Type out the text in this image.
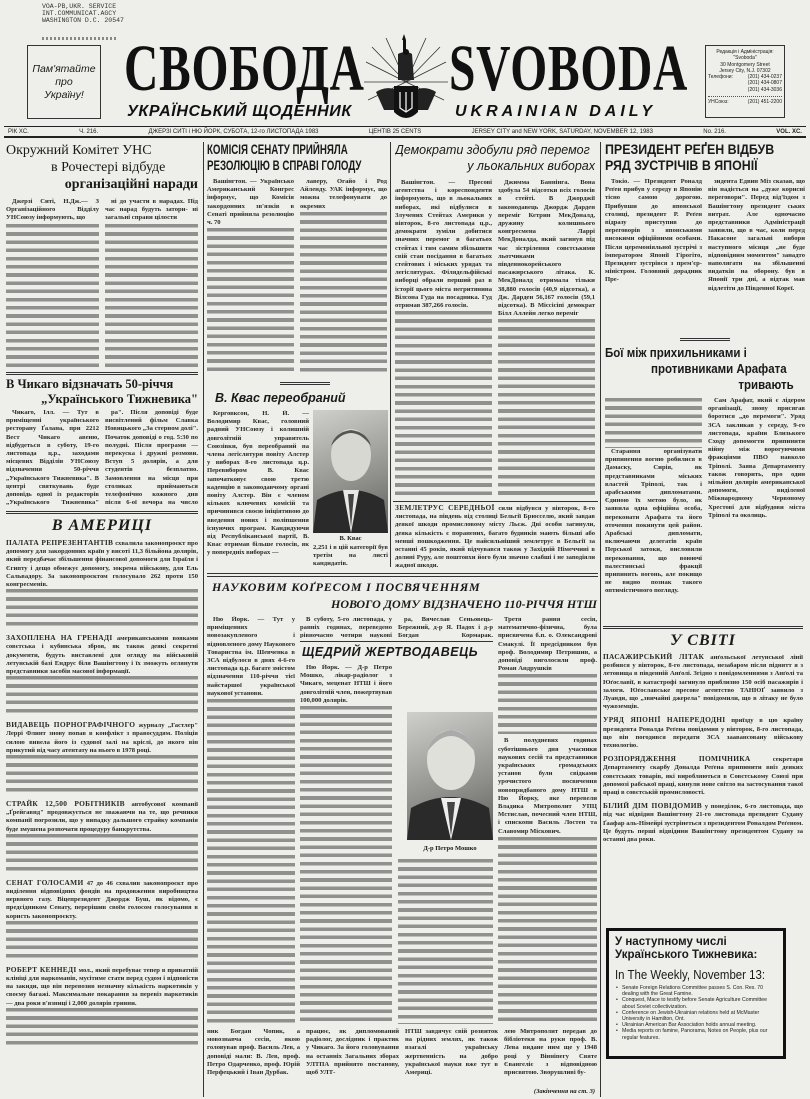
VOA-PB,UKR. SERVICE
INT.COMMUNICAT.AGCY
WASHINGTON D.C. 20547
Пам'ятайте
про
Україну! СВОБОДА SVOBODA
УКРАЇНСЬКИЙ ЩОДЕННИК	UKRAINIAN DAILY
Редакція і Адміністрація:
"Svoboda"
30 Montgomery Street
Jersey City, N.J. 07302
Телефони:	(201) 434-0237
(201) 434-0807
(201) 434-3036
УНСоюз:	(201) 451-2200
РІК XC.	Ч. 216.	ДЖЕРЗІ СИТІ і НЮ ЙОРК, СУБОТА, 12-го ЛИСТОПАДА 1983	ЦЕНТІВ 25 CENTS	JERSEY CITY and NEW YORK, SATURDAY, NOVEMBER 12, 1983	No. 216.	VOL. XC.
Окружний Комітет УНС
в Рочестері відбуде
організаційні наради

Джерзі Ситі, Н.Дж.— З Організаційного Відділу УНСоюзу інформують, що

ні до участи в нарадах. Під час нарад будуть затори- ні загальні справи цілости

В Чикаго відзначать 50-річчя
„Українського Тижневика"

Чикаго, Ілл. — Тут в приміщенні українського ресторану Ґалана, при 2212 Вест Чикаго авеню, відбудеться в суботу, 19-го листопада ц.р., заходами місцевих Відділів УНСоюзу відзначення 50-річчя „Українського Тижневика". В центрі святкувань буде доповідь одної із редакторів „Українського Тижневика"

ра". Після доповіді буде висвітлений фільм Славка Новицького „За стерном долі". Початок доповіді о год. 5:30 по полудні. Після програми — перекуска і дружні розмови. Вступ 5 долярів, а для студентів безплатно. Замовлення на місця при столиках приймаються телефонічно кожного дня після 6-ої вечора на число

В АМЕРИЦІ
ПАЛАТА РЕПРЕЗЕНТАНТІВ схвалила законопроєкт про допомогу для закордонних країн у висоті 11,3 більйона долярів, який передбачає збільшення фінансової допомоги для Ізраїля і Єгипту і дещо обмежує допомогу, зокрема військову, для Ель Сальвадору. За законопроєктом голосувало 262 проти 150 конгресменів.
ЗАХОПЛЕНА НА ГРЕНАДІ американськими вояками совєтська і кубинська зброя, як також деякі секретні документи, будуть виставлені для огляду на військовій летунській базі Ендрус біля Вашінгтону і їх зможуть оглянути представники засобів масової інформації.
ВИДАВЕЦЬ ПОРНОГРАФІЧНОГО журналу „Гастлер" Леррі Флинт знову попав в конфлікт з правосуддям. Поліція силою вивела його із судової залі на кріслі, до якого він прикутий від часу атентату на нього в 1978 році.
СТРАЙК 12,500 РОБІТНИКІВ автобусової компанії „Ґрейгавнд" продовжується не зважаючи на те, що речники компанії погрозили, що у випадку дальшого страйку компанія буде змушена розпочати процедуру банкрутства.
СЕНАТ ГОЛОСАМИ 47 до 46 схвалив законопроєкт про виділення відповідних фондів на продовження виробництва нервного газу. Віцепрезидент Джордж Буш, як відомо, є предсідником Сенату, перерішив своїм голосом голосування в користь законопроєкту.
РОБЕРТ КЕННЕДІ мол., який перебуває тепер в приватній клініці для наркоманів, мусітиме стати перед судом і відповісти на закиди, що він перевозив незначну кількість наркотиків у своєму багажі. Максимальне покарання за перевіз наркотиків — два роки в'язниці і 2,000 долярів гривни.
КОМІСІЯ СЕНАТУ ПРИЙНЯЛА
РЕЗОЛЮЦІЮ В СПРАВІ ГОЛОДУ

Вашінгтон. — Українсько Американський Конгрес інформує, що Комісія закордонних зв'язків в Сенаті прийняла резолюцію ч. 70

лаверу, Огайо і Род Айленду. УАК інформує, що можна телефонувати до окремих

В. Квас переобраний

Керговксон, Н. Й. — Володимир Квас, головний радний УНСоюзу і колишній довголітній управитель Союзівки, був переобраний на члена легіслятури повіту Алстер у виборах 8-го листопада ц.р. Перевибором В. Квас започатковує свою третю каденцію в законодавчому органі повіту Алстер. Він є членом кількох ключевих комісій та причинився своєю ініціятивою до введення нових і поліпшення існуючих програм. Кандидуючи від Республіканської партії, В. Квас отримав більше голосів, як у попередніх виборах —

В. Квас
2,251 і в цій категорії був третім на листі кандидатів.
Демократи здобули ряд перемог
у льокальних виборах

Вашінгтон. — Пресові агентства і кореспонденти інформують, що в льокальних виборах, які відбулися в Злучених Стейтах Америки у вівторок, 8-го листопада ц.р., демократи зуміли добитися значних перемог в багатьох стейтах і тим самим збільшити свій стан посідання в багатьох стейтових і міських урядах та легіслятурах. Філядельфійські виборці обрали перший раз в історії цього міста негритянина Вілсона Гуда на посадника. Гуд отримав 387,266 голосів.

Джимма Баннінга. Вона здобула 54 відсотки всіх голосів в стейті. В Джорджії законодавець Джордж Дарден переміг Кетрин МекДоналд, дружину колишнього конгресмена Ларрі МекДоналда, який загинув під час зістрілення совєтськими льотчиками південнокорейського пасажирського літака. К. МекДоналд отримала тільки 38,880 голосів (40,9 відсотка), а Дж. Дарден 56,167 голосів (59,1 відсотка). В Міссісіпі демократ Білл Аллейн легко переміг

ЗЕМЛЕТРУС СЕРЕДНЬОЇ сили відбувся у вівторок, 8-го листопада, на південь від столиці Бельгії Брюсселю, який завдав деякої шкоди промисловому місту Льєж. Дві особи загинули, деяка кількість є поранених, багато будинків мають більші або менші пошкодження. Це найсильніший землетрус в Бельгії за останні 45 років, який відчувався також у Західній Німеччині в долині Руру, але поштовхи його були значно слабші і не заподіяли жадної шкоди.
НАУКОВИМ КОҐРЕСОМ І ПОСВЯЧЕННЯМ
НОВОГО ДОМУ ВІДЗНАЧЕНО 110-РІЧЧЯ НТШ

Ню Йорк. — Тут у приміщеннях новозакупленого і відновленого дому Наукового Товариства ім. Шевченка в ЗСА відбулося в днях 4-6-го листопада ц.р. багате змістом відзначення 110-річчя тієї найстаршої української наукової установи.

В суботу, 5-го листопада, у ранніх годинах, переведено рівночасно чотири наукові

ра, Вячеслав Сеньовець-Бережний, д-р Я. Падох і д-р Богдан Кормарак.

Третя рання сесія, математично-фізична, була присвячена б.п. о. Олександрові Смакулі. Її предсідником був проф. Володимир Петришин, а доповіді виголосили проф. Роман Андрушків

В полудневих годинах суботішнього дня учасники наукових сесій та представники українських громадських установ були свідками урочистого посвячення новопридбаного дому НТШ в Ню Йорку, яке перевели Владика Митрополит УПЦ Мстислав, почесний член НТШ, і єпископи Василь Лостен та Славомир Міскович.

ЩЕДРИЙ ЖЕРТВОДАВЕЦЬ

Ню Йорк. — Д-р Петро Мошко, лікар-радіолог з Чикаго, меценат НТШ і його довголітній член, пожертвував 100,000 долярів.

Д-р Петро Мошко

ник Богдан Чопик, а мовознавча сесія, якою головував проф. Василь Лев, а доповіді мали: В. Лев, проф. Петро Одарченко, проф. Юрій Перфецький і Іван Дурбак.

працює, як дипломований радіолог, дослідник і практик у Чикаго. За його головування на останніх Загальних зборах УЛТПА прийнято постанову, щоб УЛТ-

НТШ завдячує свій розвиток на рідних землях, як також взагалі українську жертвенність на добро української науки вже тут в Америці.

лею Митрополит передав до бібліотеки на руки проф. В. Лева видане ним ще у 1948 році у Вінніпегу Святе Євангеліє з відповідною присвятою. Зворушливі бу-

(Закінчення на ст. 3)
ПРЕЗИДЕНТ РЕҐЕН ВІДБУВ
РЯД ЗУСТРІЧІВ В ЯПОНІЇ

Токіо. — Президент Роналд Реґен прибув у середу в Японію тісно самою дорогою. Прибувши до японської столиці, президент Р. Реґен відразу приступив до переговорів з японськими високими офіційними особами. Після церемоніяльної зустрічі з імператором Японії Гірогіто, Президент зустрівся з прем'єр-міністром. Головний дорадник Пре-

зидента Едвин Міз сказав, що він надіється на „дуже корисні переговори". Перед від'їздом з Вашінгтону президент ських витрат. Але одночасно представники Адміністрації заявили, що в час, коли перед Накасоне загальні вибори наступного місяця „не буде відповідним моментом" занадто наполягати на збільшенні видатків на оборону. був в Японії три дні, а відтак мав відлетіти до Південної Кореї.

Бої між прихильниками і
противниками Арафата
тривають

Старання організувати припинення вогню робилися в Дамаску, Сирія, як представниками міських властей Тріполі, так і арабськими дипломатами. Єдиною їх метою було, як заявила одна офіційна особа, переконати Арафата та його оточення покинути цей район. Арабські дипломати, включаючи делегатів країн Перської затоки, висловили переконання, що воюючі палестинські фракції припинять вогонь, але покищо не видно познак такого оптимістичного погляду.

Сам Арафат, який є лідером організації, знову присягав боротися „до перемоги". Уряд ЗСА закликав у середу, 9-го листопада, країни Близького Сходу допомогти припинити війну між ворогуючими фракціями ПВО навколо Тріполі. Заява Департаменту також говорить, про один мільйон долярів американської допомоги, виділеної Міжнародному Червоному Хрестові для відбудови міста Тріполі та околиць.

У СВІТІ
ПАСАЖИРСЬКИЙ ЛІТАК анґольської летунської лінії розбився у вівторок, 8-го листопада, незабаром після піднятт я з летовища в південній Анґолі. Згідно з повідомленнями з Анґолі та Юґославії, в катастрофі загинуло приблизно 150 осіб пасажирів і залоги. Юґославське пресове агентство ТАНЮҐ заявило з Луанди, що „звичайні джерела" повідомили, що в літаку не було чужоземців.
УРЯД ЯПОНІЇ НАПЕРЕДОДНІ приїзду в цю країну президента Роналда Реґена повідомив у вівторок, 8-го листопада, що він погодився передати ЗСА заавансовану військову технологію.
РОЗПОРЯДЖЕННЯ ПОМІЧНИКА	секретаря Департаменту скарбу Доналда Реґена припинити ввіз деяких совєтських товарів, які виробляються в Совєтському Союзі при допомозі рабської праці, кинули нове світло на застосування такої праці в совєтській промисловості.
БІЛИЙ ДІМ ПОВІДОМИВ у понеділок, 6-го листопада, що під час відвідин Вашінгтону 21-го листопада президент Судану Ґаафар аль-Німейрі зустрінеться з президентом Роналдом Реґеном. Це будуть перші відвідини Вашінгтону президентом Судану за останні два роки.
У наступному числі
Українського Тижневика:
In The Weekly, November 13:
• Senate Foreign Relations Committee passes S. Con. Res. 70 dealing with the Great Famine.
• Conquest, Mace to testify before Senate Agriculture Committee about Soviet collectivization.
• Conference on Jewish-Ukrainian relations held at McMaster University in Hamilton, Ont.
• Ukrainian American Bar Association holds annual meeting.
• Media reports on famine, Panorama, Notes on People, plus our regular features.
